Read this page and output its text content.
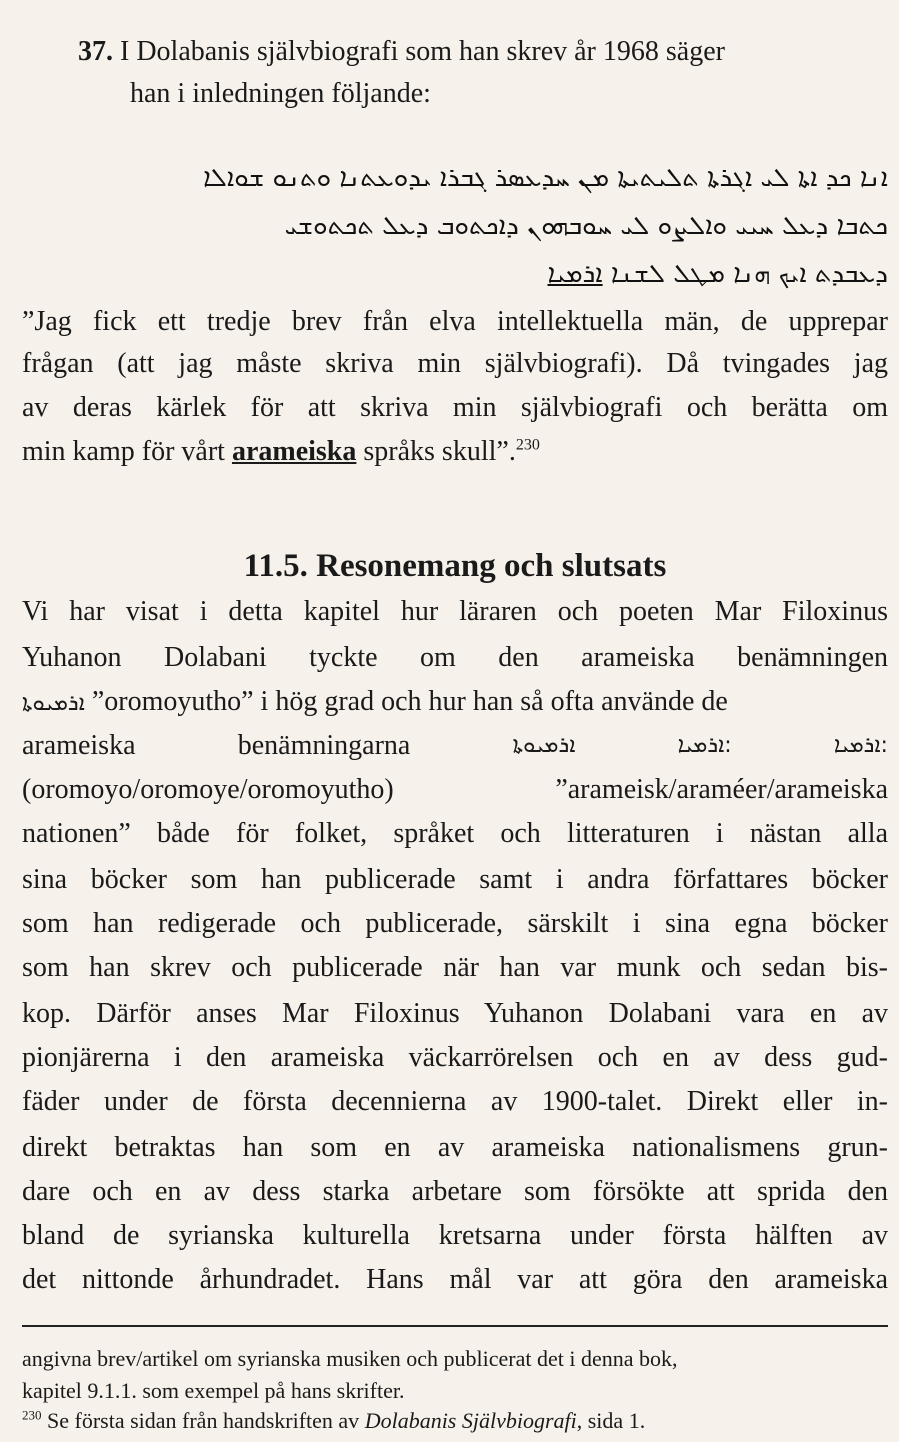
37. I Dolabanis självbiografi som han skrev år 1968 säger
han i inledningen följande:
ܐܢܐ ܟܕ ܐܬܐ ܠܝ ܐܓܪܬܐ ܬܠܝܬܝܬܐ ܡܢ ܚܕܥܣܪ ܓܒܪܐ ܝܕܘܥܬܢܐ ܘܬܢܘ ܫܘܐܠܐ
ܟܬܒܐ ܕܥܠ ܚܝܝ ܘܐܠܨܘ ܠܝ ܚܘܒܗܘܢ ܕܐܟܬܘܒ ܕܥܠ ܬܟܬܘܫܝ
ܕܥܒܕܬ ܐܝܟ ܗܢܐ ܡܛܠ ܠܫܢܐ ܐܪܡܝܐ
”Jag fick ett tredje brev från elva intellektuella män, de upprepar
frågan (att jag måste skriva min självbiografi). Då tvingades jag
av deras kärlek för att skriva min självbiografi och berätta om
min kamp för vårt arameiska språks skull”.$^{230}$
11.5. Resonemang och slutsats
Vi har visat i detta kapitel hur läraren och poeten Mar Filoxinus
Yuhanon Dolabani tyckte om den arameiska benämningen
ܐܪܡܝܘܬܐ ”oromoyutho” i hög grad och hur han så ofta använde de
arameiska	benämningarna	ܐܪܡܝܘܬܐ	ܐܪܡܝܐ:	ܐܪܡܝܐ:
(oromoyo/oromoye/oromoyutho) ”arameisk/araméer/arameiska
nationen” både för folket, språket och litteraturen i nästan alla
sina böcker som han publicerade samt i andra författares böcker
som han redigerade och publicerade, särskilt i sina egna böcker
som han skrev och publicerade när han var munk och sedan bis-
kop. Därför anses Mar Filoxinus Yuhanon Dolabani vara en av
pionjärerna i den arameiska väckarrörelsen och en av dess gud-
fäder under de första decennierna av 1900-talet. Direkt eller in-
direkt betraktas han som en av arameiska nationalismens grun-
dare och en av dess starka arbetare som försökte att sprida den
bland de syrianska kulturella kretsarna under första hälften av
det nittonde århundradet. Hans mål var att göra den arameiska
angivna brev/artikel om syrianska musiken och publicerat det i denna bok,
kapitel 9.1.1. som exempel på hans skrifter.
$^{230}$ Se första sidan från handskriften av Dolabanis Självbiografi, sida 1.
